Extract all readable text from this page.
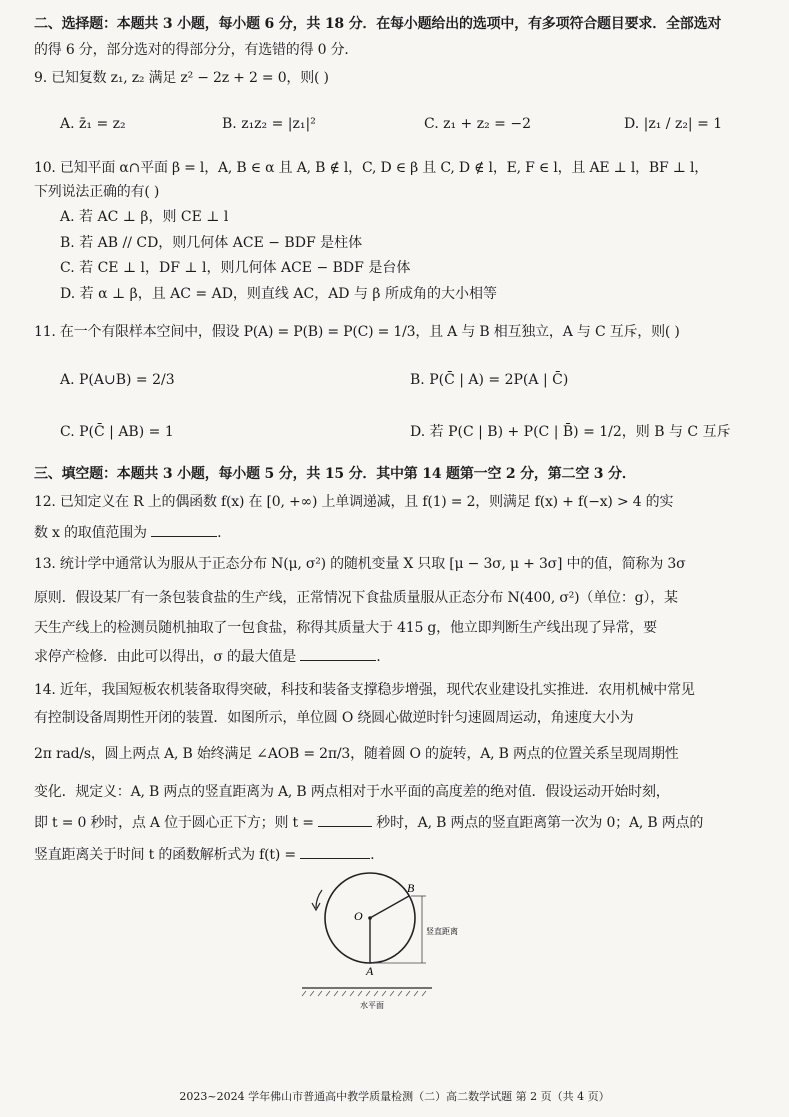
二、选择题：本题共 3 小题，每小题 6 分，共 18 分．在每小题给出的选项中，有多项符合题目要求．全部选对
的得 6 分，部分选对的得部分分，有选错的得 0 分．
9. 已知复数 z₁, z₂ 满足 z² − 2z + 2 = 0，则( )
A. z̄₁ = z₂	B. z₁z₂ = |z₁|²	C. z₁ + z₂ = −2	D. |z₁ / z₂| = 1
10. 已知平面 α∩平面 β = l，A, B ∈ α 且 A, B ∉ l，C, D ∈ β 且 C, D ∉ l，E, F ∈ l，且 AE ⊥ l，BF ⊥ l，
下列说法正确的有( )
A. 若 AC ⊥ β，则 CE ⊥ l
B. 若 AB // CD，则几何体 ACE − BDF 是柱体
C. 若 CE ⊥ l，DF ⊥ l，则几何体 ACE − BDF 是台体
D. 若 α ⊥ β，且 AC = AD，则直线 AC，AD 与 β 所成角的大小相等
11. 在一个有限样本空间中，假设 P(A) = P(B) = P(C) = 1/3，且 A 与 B 相互独立，A 与 C 互斥，则( )
A. P(A∪B) = 2/3	B. P(C̄ | A) = 2P(A | C̄)
C. P(C̄ | AB) = 1	D. 若 P(C | B) + P(C | B̄) = 1/2，则 B 与 C 互斥
三、填空题：本题共 3 小题，每小题 5 分，共 15 分．其中第 14 题第一空 2 分，第二空 3 分．
12. 已知定义在 R 上的偶函数 f(x) 在 [0, +∞) 上单调递减，且 f(1) = 2，则满足 f(x) + f(−x) > 4 的实
数 x 的取值范围为	.
13. 统计学中通常认为服从于正态分布 N(μ, σ²) 的随机变量 X 只取 [μ − 3σ, μ + 3σ] 中的值，简称为 3σ
原则．假设某厂有一条包装食盐的生产线，正常情况下食盐质量服从正态分布 N(400, σ²)（单位：g），某
天生产线上的检测员随机抽取了一包食盐，称得其质量大于 415 g，他立即判断生产线出现了异常，要
求停产检修．由此可以得出，σ 的最大值是	.
14. 近年，我国短板农机装备取得突破，科技和装备支撑稳步增强，现代农业建设扎实推进．农用机械中常见
有控制设备周期性开闭的装置．如图所示，单位圆 O 绕圆心做逆时针匀速圆周运动，角速度大小为
2π rad/s，圆上两点 A, B 始终满足 ∠AOB = 2π/3，随着圆 O 的旋转，A, B 两点的位置关系呈现周期性
变化．规定义：A, B 两点的竖直距离为 A, B 两点相对于水平面的高度差的绝对值．假设运动开始时刻，
即 t = 0 秒时，点 A 位于圆心正下方；则 t =	秒时，A, B 两点的竖直距离第一次为 0；A, B 两点的
竖直距离关于时间 t 的函数解析式为 f(t) =	.
O
A
B
竖直距离
水平面
2023~2024 学年佛山市普通高中教学质量检测（二）高二数学试题 第 2 页（共 4 页）
